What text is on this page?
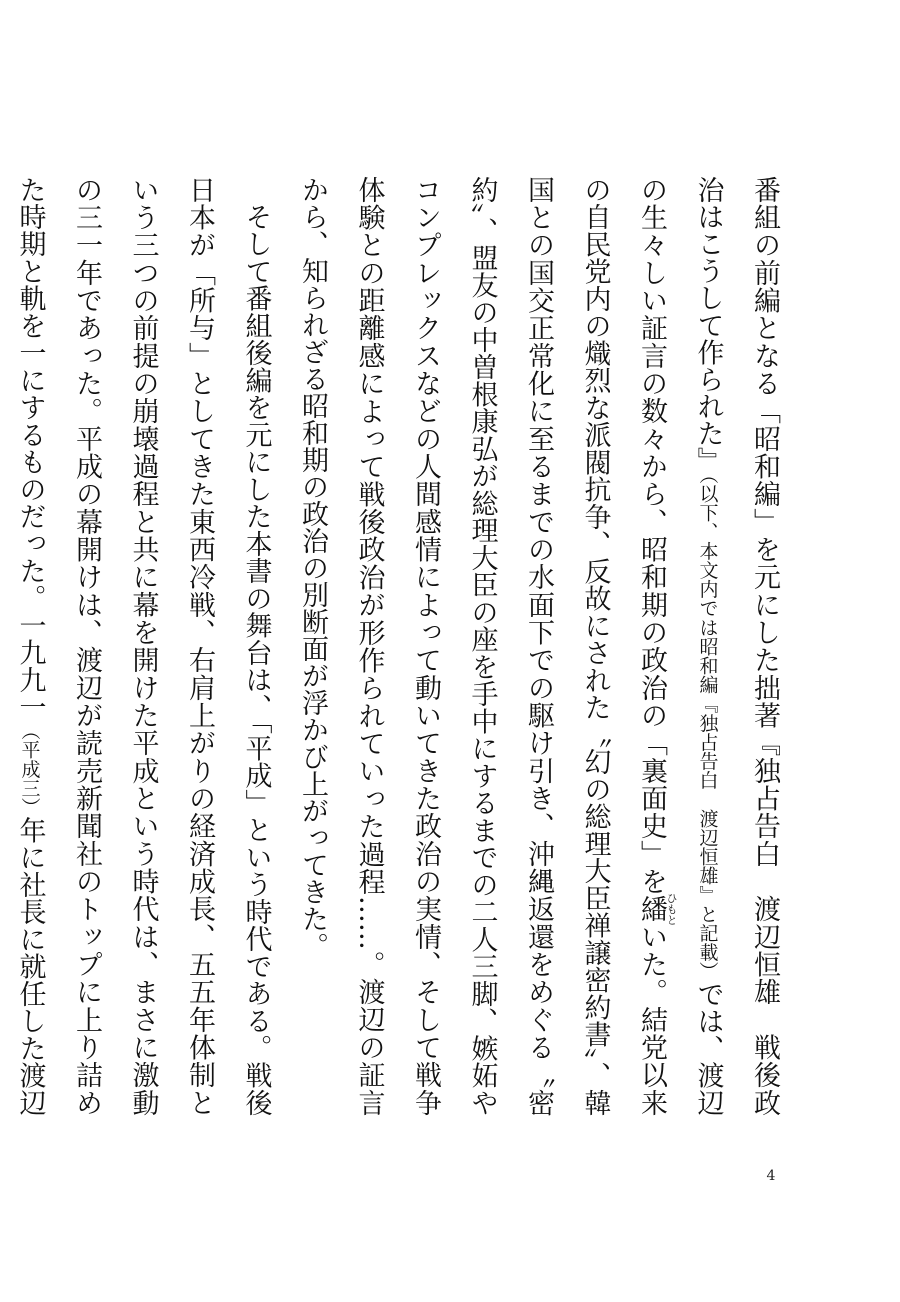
番組の前編となる「昭和編」を元にした拙著『独占告白　渡辺恒雄　戦後政治はこうして作られた』（以下、本文内では昭和編『独占告白　渡辺恒雄』と記載）では、渡辺の生々しい証言の数々から、昭和期の政治の「裏面史」を繙ひもといた。結党以来の自民党内の熾烈な派閥抗争、反故にされた〝幻の総理大臣禅譲密約書〟、韓国との国交正常化に至るまでの水面下での駆け引き、沖縄返還をめぐる〝密約〟、盟友の中曽根康弘が総理大臣の座を手中にするまでの二人三脚、嫉妬やコンプレックスなどの人間感情によって動いてきた政治の実情、そして戦争体験との距離感によって戦後政治が形作られていった過程……。渡辺の証言から、知られざる昭和期の政治の別断面が浮かび上がってきた。

そして番組後編を元にした本書の舞台は、「平成」という時代である。戦後日本が「所与」としてきた東西冷戦、右肩上がりの経済成長、五五年体制という三つの前提の崩壊過程と共に幕を開けた平成という時代は、まさに激動の三一年であった。平成の幕開けは、渡辺が読売新聞社のトップに上り詰めた時期と軌を一にするものだった。一九九一（平成三）年に社長に就任した渡辺

4
